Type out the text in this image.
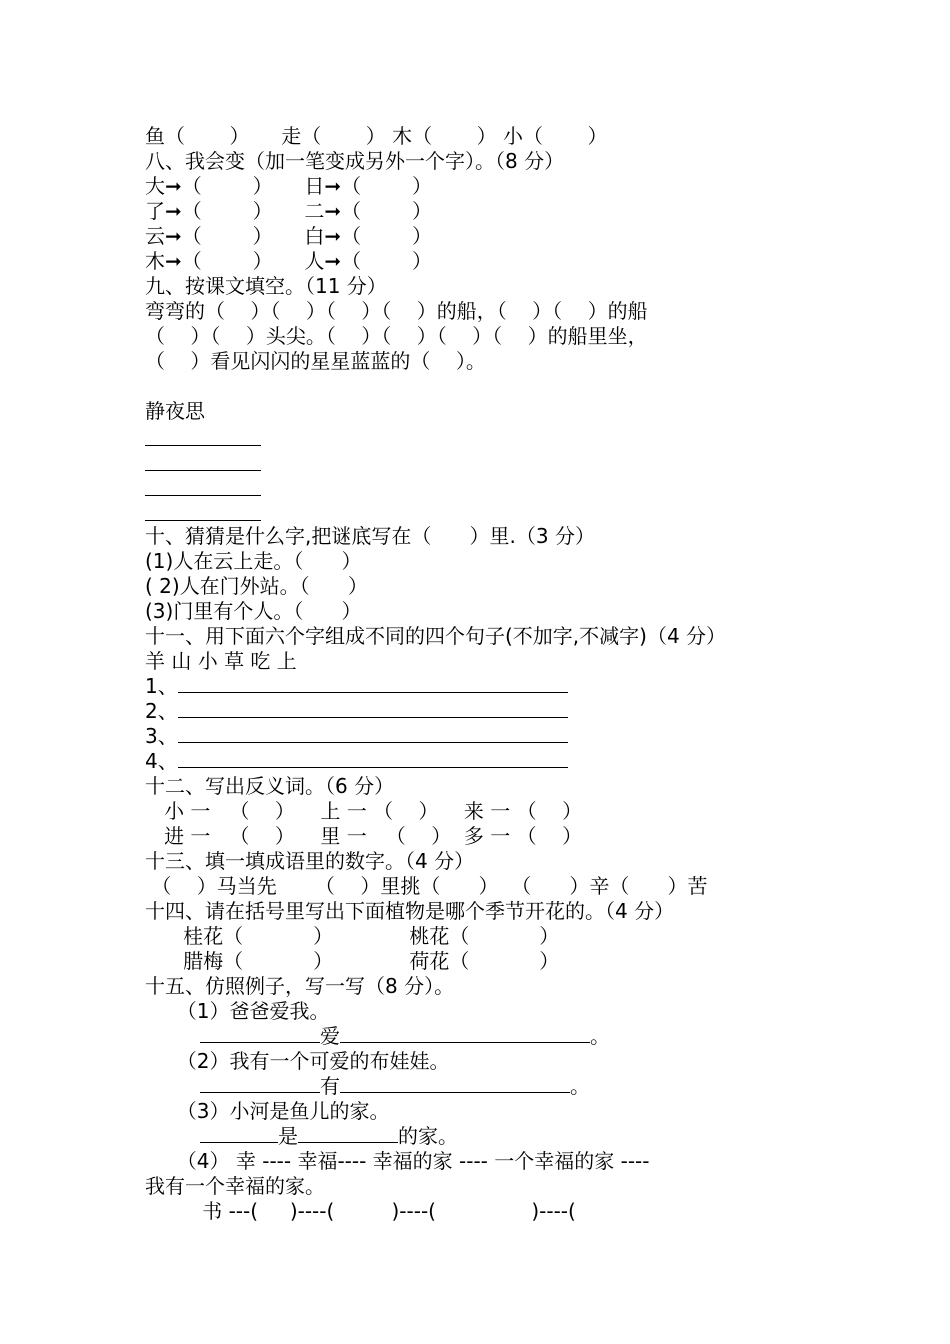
鱼（       ）     走（       ） 木（       ） 小（       ）
八、我会变（加一笔变成另外一个字）。（8 分）
大➞（        ）     日➞（        ）
了➞（        ）     二➞（        ）
云➞（        ）     白➞（        ）
木➞（        ）     人➞（        ）
九、按课文填空。（11 分）
弯弯的（    ）（    ）（    ）（    ）的船，（    ）（    ）的船
（    ）（    ）头尖。（    ）（    ）（    ）（    ）的船里坐，
（    ）看见闪闪的星星蓝蓝的（    ）。
静夜思
十、猜猜是什么字,把谜底写在（      ）里.（3 分）
(1)人在云上走。（      ）
( 2)人在门外站。（      ）
(3)门里有个人。（      ）
十一、用下面六个字组成不同的四个句子(不加字,不减字)（4 分）
羊 山 小 草 吃 上
1、
2、
3、
4、
十二、写出反义词。（6 分）
小 一   （    ）    上 一 （    ）    来 一 （    ）
进 一   （    ）    里 一   （    ）  多 一 （    ）
十三、填一填成语里的数字。（4 分）
（    ）马当先      （    ）里挑（      ）  （      ）辛（      ）苦
十四、请在括号里写出下面植物是哪个季节开花的。（4 分）
桂花（           ）            桃花（           ）
腊梅（           ）            荷花（           ）
十五、仿照例子，写一写（8 分）。
（1）爸爸爱我。
爱	。
（2）我有一个可爱的布娃娃。
有	。
（3）小河是鱼儿的家。
是	的家。
（4） 幸 ---- 幸福---- 幸福的家 ---- 一个幸福的家 ----
我有一个幸福的家。
书 ---(     )----(         )----(               )----(
